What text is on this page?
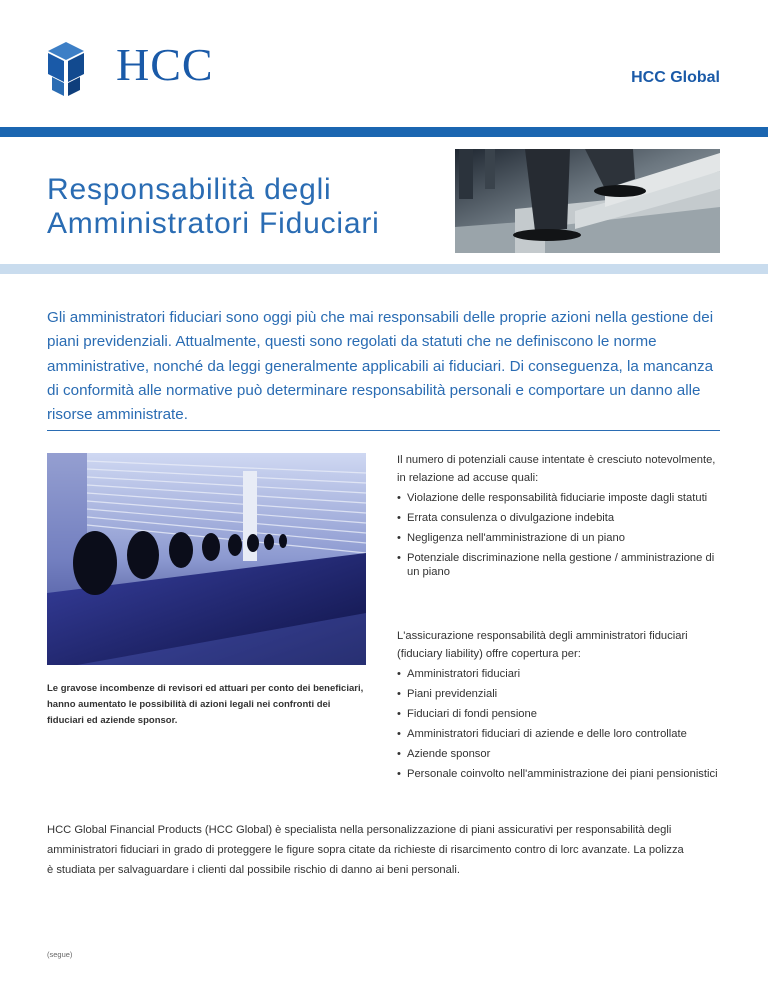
HCC	HCC Global
Responsabilità degli
Amministratori Fiduciari

Gli amministratori fiduciari sono oggi più che mai responsabili delle proprie azioni nella gestione dei piani previdenziali. Attualmente, questi sono regolati da statuti che ne definiscono le norme amministrative, nonché da leggi generalmente applicabili ai fiduciari. Di conseguenza, la mancanza di conformità alle normative può determinare responsabilità personali e comportare un danno alle risorse amministrate.

Le gravose incombenze di revisori ed attuari per conto dei beneficiari, hanno aumentato le possibilità di azioni legali nei confronti dei fiduciari ed aziende sponsor.

Il numero di potenziali cause intentate è cresciuto notevolmente, in relazione ad accuse quali:

• Violazione delle responsabilità fiduciarie imposte dagli statuti
• Errata consulenza o divulgazione indebita
• Negligenza nell'amministrazione di un piano
• Potenziale discriminazione nella gestione / amministrazione di un piano

L'assicurazione responsabilità degli amministratori fiduciari (fiduciary liability) offre copertura per:

• Amministratori fiduciari
• Piani previdenziali
• Fiduciari di fondi pensione
• Amministratori fiduciari di aziende e delle loro controllate
• Aziende sponsor
• Personale coinvolto nell'amministrazione dei piani pensionistici

HCC Global Financial Products (HCC Global) è specialista nella personalizzazione di piani assicurativi per responsabilità degli amministratori fiduciari in grado di proteggere le figure sopra citate da richieste di risarcimento contro di lorc avanzate. La polizza è studiata per salvaguardare i clienti dal possibile rischio di danno ai beni personali.

(segue)
